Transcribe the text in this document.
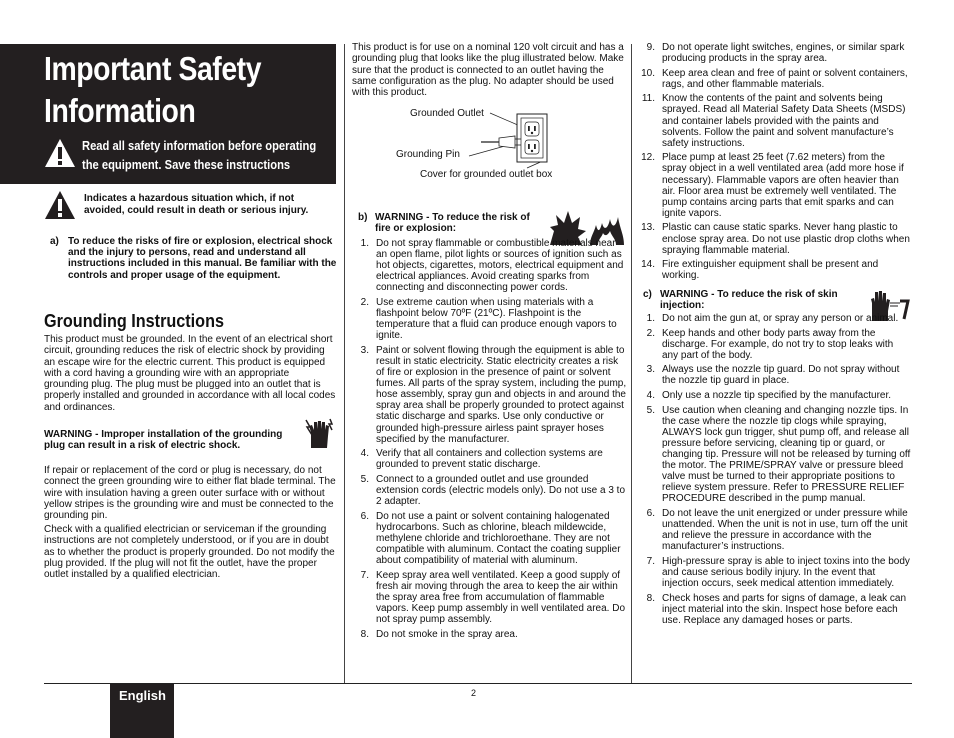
Important Safety
Information
Read all safety information before operating the equipment. Save these instructions
Indicates a hazardous situation which, if not avoided, could result in death or serious injury.
a) To reduce the risks of fire or explosion, electrical shock and the injury to persons, read and understand all instructions included in this manual. Be familiar with the controls and proper usage of the equipment.
Grounding Instructions
This product must be grounded. In the event of an electrical short circuit, grounding reduces the risk of electric shock by providing an escape wire for the electric current. This product is equipped with a cord having a grounding wire with an appropriate grounding plug. The plug must be plugged into an outlet that is properly installed and grounded in accordance with all local codes and ordinances.
WARNING - Improper installation of the grounding plug can result in a risk of electric shock.
If repair or replacement of the cord or plug is necessary, do not connect the green grounding wire to either flat blade terminal. The wire with insulation having a green outer surface with or without yellow stripes is the grounding wire and must be connected to the grounding pin.
Check with a qualified electrician or serviceman if the grounding instructions are not completely understood, or if you are in doubt as to whether the product is properly grounded. Do not modify the plug provided. If the plug will not fit the outlet, have the proper outlet installed by a qualified electrician.
This product is for use on a nominal 120 volt circuit and has a grounding plug that looks like the plug illustrated below. Make sure that the product is connected to an outlet having the same configuration as the plug. No adapter should be used with this product.
Grounded Outlet
Grounding Pin
Cover for grounded outlet box
b) WARNING - To reduce the risk of fire or explosion:
1. Do not spray flammable or combustible materials near an open flame, pilot lights or sources of ignition such as hot objects, cigarettes, motors, electrical equipment and electrical appliances. Avoid creating sparks from connecting and disconnecting power cords.
2. Use extreme caution when using materials with a flashpoint below 70ºF (21ºC). Flashpoint is the temperature that a fluid can produce enough vapors to ignite.
3. Paint or solvent flowing through the equipment is able to result in static electricity. Static electricity creates a risk of fire or explosion in the presence of paint or solvent fumes. All parts of the spray system, including the pump, hose assembly, spray gun and objects in and around the spray area shall be properly grounded to protect against static discharge and sparks. Use only conductive or grounded high-pressure airless paint sprayer hoses specified by the manufacturer.
4. Verify that all containers and collection systems are grounded to prevent static discharge.
5. Connect to a grounded outlet and use grounded extension cords (electric models only). Do not use a 3 to 2 adapter.
6. Do not use a paint or solvent containing halogenated hydrocarbons. Such as chlorine, bleach mildewcide, methylene chloride and trichloroethane. They are not compatible with aluminum. Contact the coating supplier about compatibility of material with aluminum.
7. Keep spray area well ventilated. Keep a good supply of fresh air moving through the area to keep the air within the spray area free from accumulation of flammable vapors. Keep pump assembly in well ventilated area. Do not spray pump assembly.
8. Do not smoke in the spray area.
9. Do not operate light switches, engines, or similar spark producing products in the spray area.
10. Keep area clean and free of paint or solvent containers, rags, and other flammable materials.
11. Know the contents of the paint and solvents being sprayed. Read all Material Safety Data Sheets (MSDS) and container labels provided with the paints and solvents. Follow the paint and solvent manufacture’s safety instructions.
12. Place pump at least 25 feet (7.62 meters) from the spray object in a well ventilated area (add more hose if necessary). Flammable vapors are often heavier than air. Floor area must be extremely well ventilated. The pump contains arcing parts that emit sparks and can ignite vapors.
13. Plastic can cause static sparks. Never hang plastic to enclose spray area. Do not use plastic drop cloths when spraying flammable material.
14. Fire extinguisher equipment shall be present and working.
c) WARNING - To reduce the risk of skin injection:
1. Do not aim the gun at, or spray any person or animal.
2. Keep hands and other body parts away from the discharge. For example, do not try to stop leaks with any part of the body.
3. Always use the nozzle tip guard. Do not spray without the nozzle tip guard in place.
4. Only use a nozzle tip specified by the manufacturer.
5. Use caution when cleaning and changing nozzle tips. In the case where the nozzle tip clogs while spraying, ALWAYS lock gun trigger, shut pump off, and release all pressure before servicing, cleaning tip or guard, or changing tip. Pressure will not be released by turning off the motor. The PRIME/SPRAY valve or pressure bleed valve must be turned to their appropriate positions to relieve system pressure. Refer to PRESSURE RELIEF PROCEDURE described in the pump manual.
6. Do not leave the unit energized or under pressure while unattended. When the unit is not in use, turn off the unit and relieve the pressure in accordance with the manufacturer’s instructions.
7. High-pressure spray is able to inject toxins into the body and cause serious bodily injury. In the event that injection occurs, seek medical attention immediately.
8. Check hoses and parts for signs of damage, a leak can inject material into the skin. Inspect hose before each use. Replace any damaged hoses or parts.
English	2
